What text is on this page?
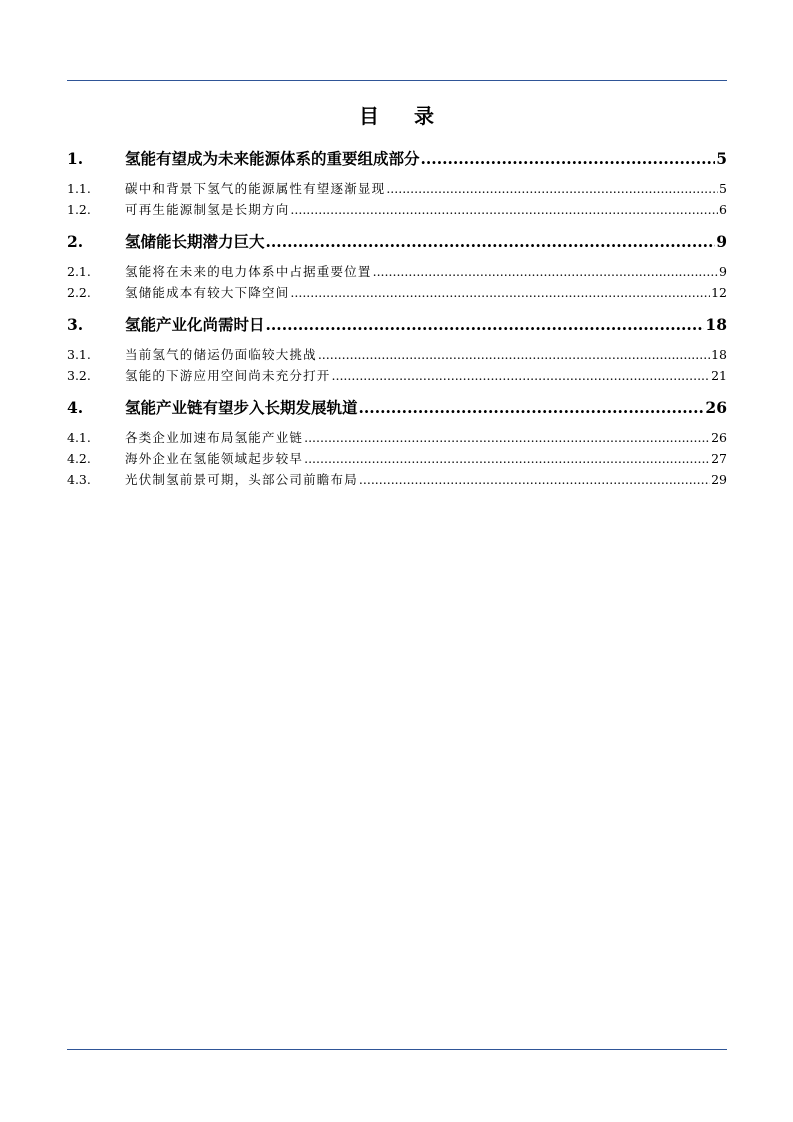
目 录
1.	氢能有望成为未来能源体系的重要组成部分 .....	5
1.1.	碳中和背景下氢气的能源属性有望逐渐显现 .....	5
1.2.	可再生能源制氢是长期方向 .....	6
2.	氢储能长期潜力巨大 .....	9
2.1.	氢能将在未来的电力体系中占据重要位置 .....	9
2.2.	氢储能成本有较大下降空间 .....	12
3.	氢能产业化尚需时日 .....	18
3.1.	当前氢气的储运仍面临较大挑战 .....	18
3.2.	氢能的下游应用空间尚未充分打开 .....	21
4.	氢能产业链有望步入长期发展轨道 .....	26
4.1.	各类企业加速布局氢能产业链 .....	26
4.2.	海外企业在氢能领域起步较早 .....	27
4.3.	光伏制氢前景可期，头部公司前瞻布局 .....	29
